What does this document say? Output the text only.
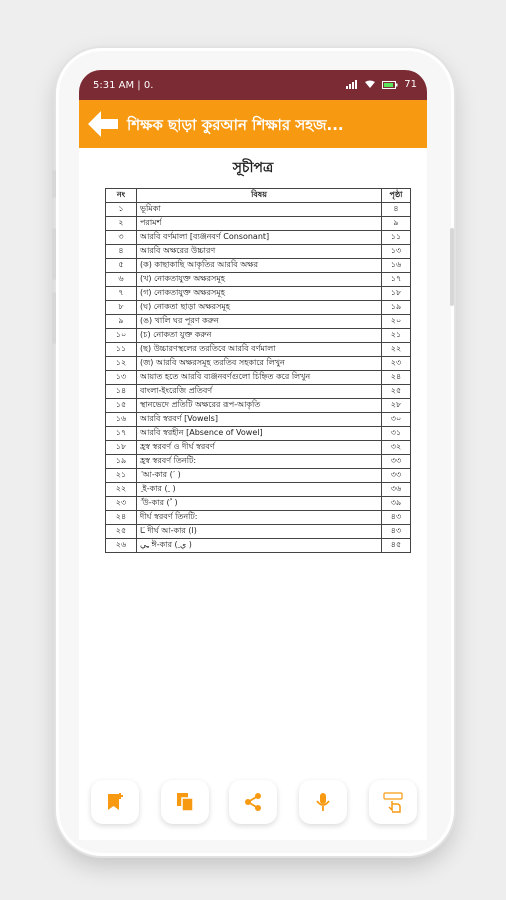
5:31 AM | 0.	71
শিক্ষক ছাড়া কুরআন শিক্ষার সহজ...
সূচীপত্র
নং	বিষয়	পৃষ্ঠা
১	ভূমিকা	৪
২	পরামর্শ	৯
৩	আরবি বর্ণমালা [ব্যঞ্জনবর্ণ Consonant]	১১
৪	আরবি অক্ষরের উচ্চারণ	১৩
৫	(ক) কাছাকাছি আকৃতির আরবি অক্ষর	১৬
৬	(খ) নোকতাযুক্ত অক্ষরসমূহ	১৭
৭	(গ) নোকতাযুক্ত অক্ষরসমূহ	১৮
৮	(ঘ) নোকতা ছাড়া অক্ষরসমূহ	১৯
৯	(ঙ) খালি ঘর পূরণ করুন	২০
১০	(চ) নোকতা যুক্ত করুন	২১
১১	(ছ) উচ্চারণস্থলের তরতিবে আরবি বর্ণমালা	২২
১২	(জ) আরবি অক্ষরসমূহ তরতিব সহকারে লিখুন	২৩
১৩	আয়াত হতে আরবি ব্যঞ্জনবর্ণগুলো চিহ্নিত করে লিখুন	২৪
১৪	বাংলা-ইংরেজি প্রতিবর্ণ	২৫
১৫	স্থানভেদে প্রতিটি অক্ষরের রূপ-আকৃতি	২৮
১৬	আরবি স্বরবর্ণ [Vowels]	৩০
১৭	আরবি স্বরহীন [Absence of Vowel]	৩১
১৮	হ্রস্ব স্বরবর্ণ ও দীর্ঘ স্বরবর্ণ	৩২
১৯	হ্রস্ব স্বরবর্ণ তিনটি:	৩৩
২১	َ আ-কার ( َ )	৩৩
২২	ِ ই-কার ( ِ )	৩৬
২৩	ُ উ-কার ( ُ )	৩৯
২৪	দীর্ঘ স্বরবর্ণ তিনটি:	৪৩
২৫	ـَا দীর্ঘ আ-কার (ا)	৪৩
২৬	ـِي ঈ-কার ( ِي )	৪৫
